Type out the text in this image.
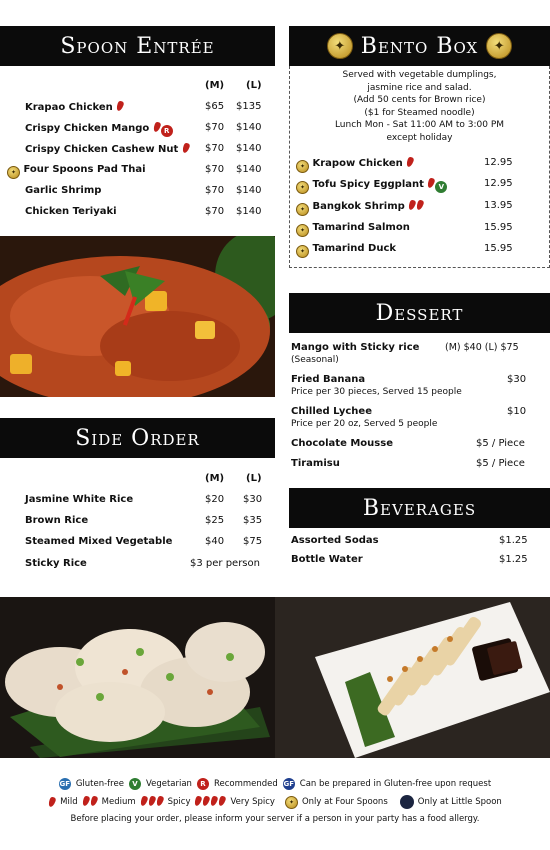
Spoon Entrée
(M) (L)
Krapao Chicken	$65 $135
Crispy Chicken Mango R	$70 $140
Crispy Chicken Cashew Nut	$70 $140
✦ Four Spoons Pad Thai	$70 $140
Garlic Shrimp	$70 $140
Chicken Teriyaki	$70 $140
Side Order
(M) (L)
Jasmine White Rice	$20 $30
Brown Rice	$25 $35
Steamed Mixed Vegetable	$40 $75
Sticky Rice	$3 per person
✦ Bento Box	✦
Served with vegetable dumplings,
jasmine rice and salad.
(Add 50 cents for Brown rice)
($1 for Steamed noodle)
Lunch Mon - Sat 11:00 AM to 3:00 PM
except holiday
✦ Krapow Chicken	12.95
✦ Tofu Spicy Eggplant V	12.95
✦ Bangkok Shrimp	13.95
✦ Tamarind Salmon	15.95
✦ Tamarind Duck	15.95
Dessert
Mango with Sticky rice
(Seasonal)
(M) $40 (L) $75
Fried Banana
Price per 30 pieces, Served 15 people
$30
Chilled Lychee
Price per 20 oz, Served 5 people
$10
Chocolate Mousse	$5 / Piece
Tiramisu	$5 / Piece
Beverages
Assorted Sodas	$1.25
Bottle Water	$1.25
GF Gluten-free	V Vegetarian	R Recommended GF Can be prepared in Gluten-free upon request
Mild	Medium	Spicy	Very Spicy	✦ Only at Four Spoons	Only at Little Spoon
Before placing your order, please inform your server if a person in your party has a food allergy.
